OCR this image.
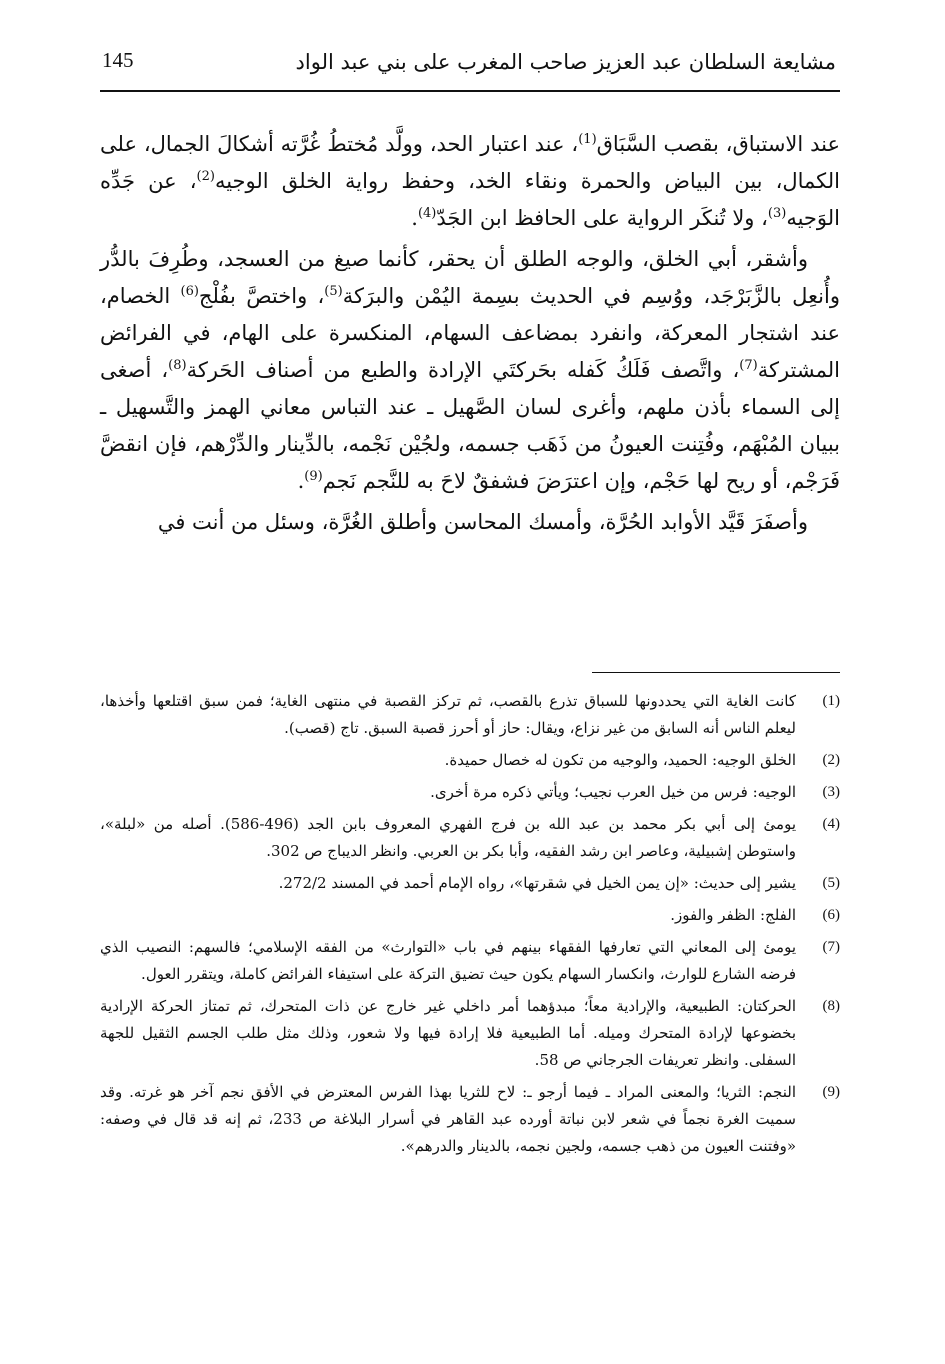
مشايعة السلطان عبد العزيز صاحب المغرب على بني عبد الواد
145

عند الاستباق، بقصب السَّبَاق$^{(1)}$، عند اعتبار الحد، وولَّد مُختطُ غُرَّته أشكالَ الجمال، على الكمال، بين البياض والحمرة ونقاء الخد، وحفظ رواية الخلق الوجيه$^{(2)}$، عن جَدِّه الوَجيه$^{(3)}$، ولا تُنكَر الرواية على الحافظ ابن الجَدّ$^{(4)}$.

وأشقر، أبي الخلق، والوجه الطلق أن يحقر، كأنما صيغ من العسجد، وطُرِفَ بالدُّر وأُنعِل بالزَّبَرْجَد، ووُسِم في الحديث بسِمة اليُمْن والبرَكة$^{(5)}$، واختصَّ بفُلْج$^{(6)}$ الخصام، عند اشتجار المعركة، وانفرد بمضاعف السهام، المنكسرة على الهام، في الفرائض المشتركة$^{(7)}$، واتَّصف فَلَكُ كَفله بحَركتَي الإرادة والطبع من أصناف الحَركة$^{(8)}$، أصغى إلى السماء بأذن ملهم، وأغرى لسان الصَّهيل ـ عند التباس معاني الهمز والتَّسهيل ـ ببيان المُبْهَم، وفُتِنت العيونُ من ذَهَب جسمه، ولجُيْن نَجْمه، بالدِّينار والدِّرْهم، فإن انقضَّ فَرَجْم، أو ريح لها حَجْم، وإن اعترَضَ فشفقٌ لاحَ به للنَّجم نَجم$^{(9)}$.

وأصفَرَ قَيَّد الأوابد الحُرَّة، وأمسك المحاسن وأطلق الغُرَّة، وسئل من أنت في

(1)
كانت الغاية التي يحددونها للسباق تذرع بالقصب، ثم تركز القصبة في منتهى الغاية؛ فمن سبق اقتلعها وأخذها، ليعلم الناس أنه السابق من غير نزاع، ويقال: حاز أو أحرز قصبة السبق. تاج (قصب).
(2)
الخلق الوجيه: الحميد، والوجيه من تكون له خصال حميدة.
(3)
الوجيه: فرس من خيل العرب نجيب؛ ويأتي ذكره مرة أخرى.
(4)
يومئ إلى أبي بكر محمد بن عبد الله بن فرج الفهري المعروف بابن الجد (496-586). أصله من «لبلة»، واستوطن إشبيلية، وعاصر ابن رشد الفقيه، وأبا بكر بن العربي. وانظر الديباج ص 302.
(5)
يشير إلى حديث: «إن يمن الخيل في شقرتها»، رواه الإمام أحمد في المسند 272/2.
(6)
الفلج: الظفر والفوز.
(7)
يومئ إلى المعاني التي تعارفها الفقهاء بينهم في باب «التوارث» من الفقه الإسلامي؛ فالسهم: النصيب الذي فرضه الشارع للوارث، وانكسار السهام يكون حيث تضيق التركة على استيفاء الفرائض كاملة، ويتقرر العول.
(8)
الحركتان: الطبيعية، والإرادية معاً؛ مبدؤهما أمر داخلي غير خارج عن ذات المتحرك، ثم تمتاز الحركة الإرادية بخضوعها لإرادة المتحرك وميله. أما الطبيعية فلا إرادة فيها ولا شعور، وذلك مثل طلب الجسم الثقيل للجهة السفلى. وانظر تعريفات الجرجاني ص 58.
(9)
النجم: الثريا؛ والمعنى المراد ـ فيما أرجو ـ: لاح للثريا بهذا الفرس المعترض في الأفق نجم آخر هو غرته. وقد سميت الغرة نجماً في شعر لابن نباتة أورده عبد القاهر في أسرار البلاغة ص 233، ثم إنه قد قال في وصفه: «وفتنت العيون من ذهب جسمه، ولجين نجمه، بالدينار والدرهم».
